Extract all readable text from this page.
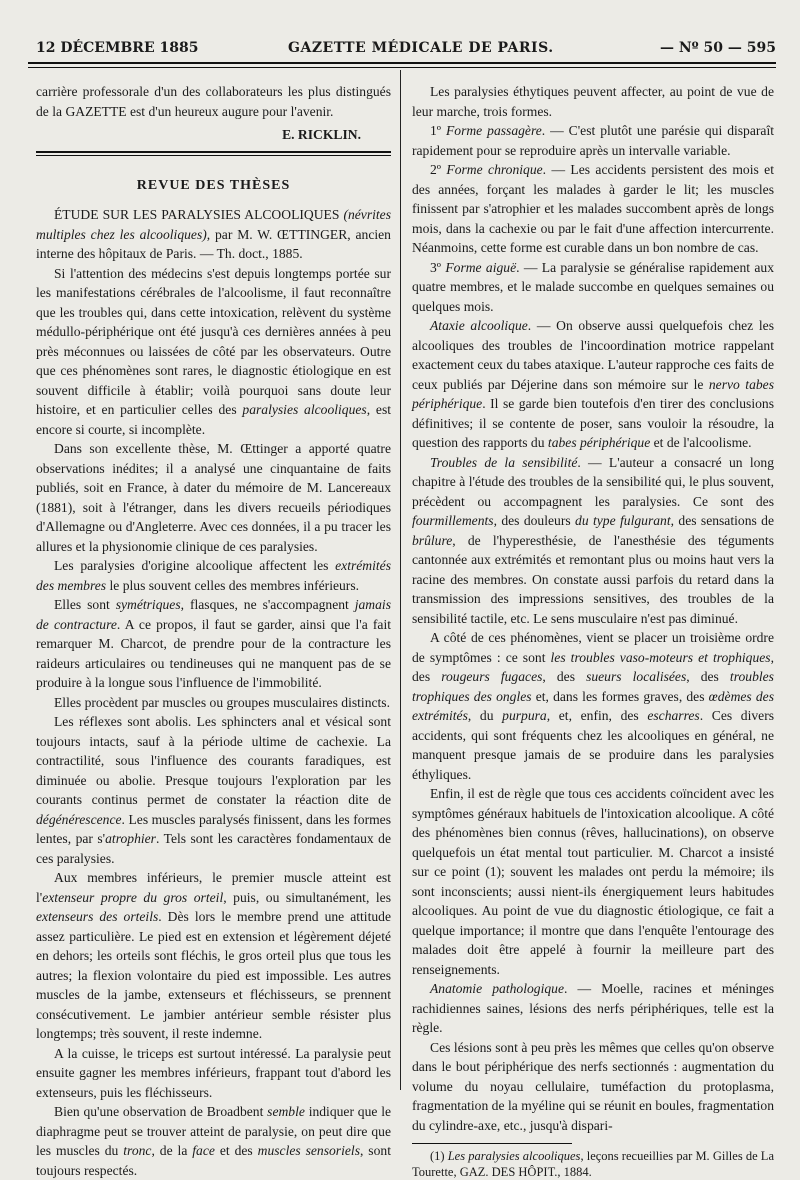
12 DÉCEMBRE 1885	GAZETTE MÉDICALE DE PARIS.	— Nº 50 — 595

carrière professorale d'un des collaborateurs les plus distingués de la GAZETTE est d'un heureux augure pour l'avenir.

E. RICKLIN.
REVUE DES THÈSES

ÉTUDE SUR LES PARALYSIES ALCOOLIQUES (névrites multiples chez les alcooliques), par M. W. ŒTTINGER, ancien interne des hôpitaux de Paris. — Th. doct., 1885.

Si l'attention des médecins s'est depuis longtemps portée sur les manifestations cérébrales de l'alcoolisme, il faut reconnaître que les troubles qui, dans cette intoxication, relèvent du système médullo-périphérique ont été jusqu'à ces dernières années à peu près méconnues ou laissées de côté par les observateurs. Outre que ces phénomènes sont rares, le diagnostic étiologique en est souvent difficile à établir; voilà pourquoi sans doute leur histoire, et en particulier celles des paralysies alcooliques, est encore si courte, si incomplète.

Dans son excellente thèse, M. Œttinger a apporté quatre observations inédites; il a analysé une cinquantaine de faits publiés, soit en France, à dater du mémoire de M. Lancereaux (1881), soit à l'étranger, dans les divers recueils périodiques d'Allemagne ou d'Angleterre. Avec ces données, il a pu tracer les allures et la physionomie clinique de ces paralysies.

Les paralysies d'origine alcoolique affectent les extrémités des membres le plus souvent celles des membres inférieurs.

Elles sont symétriques, flasques, ne s'accompagnent jamais de contracture. A ce propos, il faut se garder, ainsi que l'a fait remarquer M. Charcot, de prendre pour de la contracture les raideurs articulaires ou tendineuses qui ne manquent pas de se produire à la longue sous l'influence de l'immobilité.

Elles procèdent par muscles ou groupes musculaires distincts.

Les réflexes sont abolis. Les sphincters anal et vésical sont toujours intacts, sauf à la période ultime de cachexie. La contractilité, sous l'influence des courants faradiques, est diminuée ou abolie. Presque toujours l'exploration par les courants continus permet de constater la réaction dite de dégénérescence. Les muscles paralysés finissent, dans les formes lentes, par s'atrophier. Tels sont les caractères fondamentaux de ces paralysies.

Aux membres inférieurs, le premier muscle atteint est l'extenseur propre du gros orteil, puis, ou simultanément, les extenseurs des orteils. Dès lors le membre prend une attitude assez particulière. Le pied est en extension et légèrement déjeté en dehors; les orteils sont fléchis, le gros orteil plus que tous les autres; la flexion volontaire du pied est impossible. Les autres muscles de la jambe, extenseurs et fléchisseurs, se prennent consécutivement. Le jambier antérieur semble résister plus longtemps; très souvent, il reste indemne.

A la cuisse, le triceps est surtout intéressé. La paralysie peut ensuite gagner les membres inférieurs, frappant tout d'abord les extenseurs, puis les fléchisseurs.

Bien qu'une observation de Broadbent semble indiquer que le diaphragme peut se trouver atteint de paralysie, on peut dire que les muscles du tronc, de la face et des muscles sensoriels, sont toujours respectés.

Les paralysies éthytiques peuvent affecter, au point de vue de leur marche, trois formes.

1º Forme passagère. — C'est plutôt une parésie qui disparaît rapidement pour se reproduire après un intervalle variable.

2º Forme chronique. — Les accidents persistent des mois et des années, forçant les malades à garder le lit; les muscles finissent par s'atrophier et les malades succombent après de longs mois, dans la cachexie ou par le fait d'une affection intercurrente. Néanmoins, cette forme est curable dans un bon nombre de cas.

3º Forme aiguë. — La paralysie se généralise rapidement aux quatre membres, et le malade succombe en quelques semaines ou quelques mois.

Ataxie alcoolique. — On observe aussi quelquefois chez les alcooliques des troubles de l'incoordination motrice rappelant exactement ceux du tabes ataxique. L'auteur rapproche ces faits de ceux publiés par Déjerine dans son mémoire sur le nervo tabes périphérique. Il se garde bien toutefois d'en tirer des conclusions définitives; il se contente de poser, sans vouloir la résoudre, la question des rapports du tabes périphérique et de l'alcoolisme.

Troubles de la sensibilité. — L'auteur a consacré un long chapitre à l'étude des troubles de la sensibilité qui, le plus souvent, précèdent ou accompagnent les paralysies. Ce sont des fourmillements, des douleurs du type fulgurant, des sensations de brûlure, de l'hyperesthésie, de l'anesthésie des téguments cantonnée aux extrémités et remontant plus ou moins haut vers la racine des membres. On constate aussi parfois du retard dans la transmission des impressions sensitives, des troubles de la sensibilité tactile, etc. Le sens musculaire n'est pas diminué.

A côté de ces phénomènes, vient se placer un troisième ordre de symptômes : ce sont les troubles vaso-moteurs et trophiques, des rougeurs fugaces, des sueurs localisées, des troubles trophiques des ongles et, dans les formes graves, des œdèmes des extrémités, du purpura, et, enfin, des escharres. Ces divers accidents, qui sont fréquents chez les alcooliques en général, ne manquent presque jamais de se produire dans les paralysies éthyliques.

Enfin, il est de règle que tous ces accidents coïncident avec les symptômes généraux habituels de l'intoxication alcoolique. A côté des phénomènes bien connus (rêves, hallucinations), on observe quelquefois un état mental tout particulier. M. Charcot a insisté sur ce point (1); souvent les malades ont perdu la mémoire; ils sont inconscients; aussi nient-ils énergiquement leurs habitudes alcooliques. Au point de vue du diagnostic étiologique, ce fait a quelque importance; il montre que dans l'enquête l'entourage des malades doit être appelé à fournir la meilleure part des renseignements.

Anatomie pathologique. — Moelle, racines et méninges rachidiennes saines, lésions des nerfs périphériques, telle est la règle.

Ces lésions sont à peu près les mêmes que celles qu'on observe dans le bout périphérique des nerfs sectionnés : augmentation du volume du noyau cellulaire, tuméfaction du protoplasma, fragmentation de la myéline qui se réunit en boules, fragmentation du cylindre-axe, etc., jusqu'à dispari-

(1) Les paralysies alcooliques, leçons recueillies par M. Gilles de La Tourette, GAZ. DES HÔPIT., 1884.
